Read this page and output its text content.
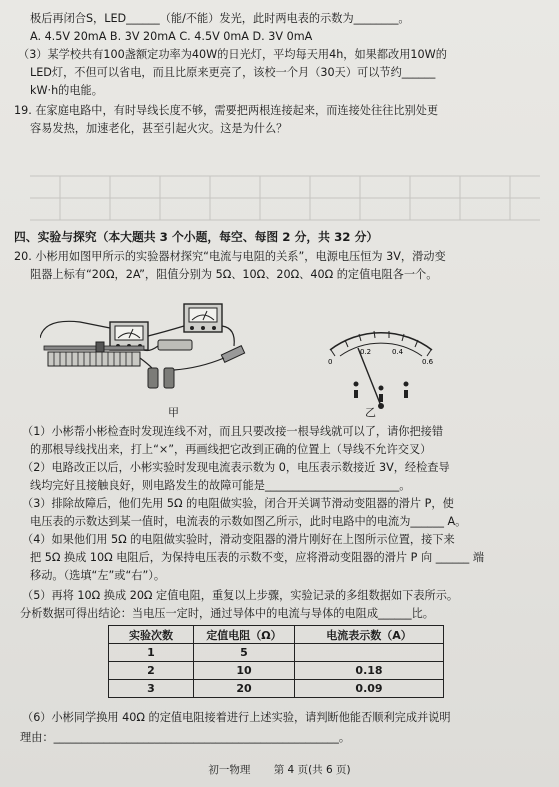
极后再闭合S，LED______（能/不能）发光，此时两电表的示数为________。
A. 4.5V 20mA B. 3V 20mA C. 4.5V 0mA D. 3V 0mA
（3）某学校共有100盏额定功率为40W的日光灯，平均每天用4h，如果都改用10W的
LED灯，不但可以省电，而且比原来更亮了，该校一个月（30天）可以节约______
kW·h的电能。
19. 在家庭电路中，有时导线长度不够，需要把两根连接起来，而连接处往往比别处更
容易发热，加速老化，甚至引起火灾。这是为什么？
四、实验与探究（本大题共 3 个小题，每空、每图 2 分，共 32 分）
20. 小彬用如图甲所示的实验器材探究“电流与电阻的关系”，电源电压恒为 3V，滑动变
阻器上标有“20Ω，2A”，阻值分别为 5Ω、10Ω、20Ω、40Ω 的定值电阻各一个。
甲
0
0.2	0.4
0.6
乙
（1）小彬帮小彬检查时发现连线不对，而且只要改接一根导线就可以了，请你把接错
的那根导线找出来，打上“×”，再画线把它改到正确的位置上（导线不允许交叉）
（2）电路改正以后，小彬实验时发现电流表示数为 0，电压表示数接近 3V，经检查导
线均完好且接触良好，则电路发生的故障可能是________________________。
（3）排除故障后，他们先用 5Ω 的电阻做实验，闭合开关调节滑动变阻器的滑片 P，使
电压表的示数达到某一值时，电流表的示数如图乙所示，此时电路中的电流为______ A。
（4）如果他们用 5Ω 的电阻做实验时，滑动变阻器的滑片刚好在上图所示位置，接下来
把 5Ω 换成 10Ω 电阻后，为保持电压表的示数不变，应将滑动变阻器的滑片 P 向 ______ 端
移动。（选填“左”或“右”）。
（5）再将 10Ω 换成 20Ω 定值电阻，重复以上步骤，实验记录的多组数据如下表所示。
分析数据可得出结论：当电压一定时，通过导体中的电流与导体的电阻成______比。
实验次数	定值电阻（Ω）	电流表示数（A）
1	5	
2	10	0.18
3	20	0.09
（6）小彬同学换用 40Ω 的定值电阻接着进行上述实验，请判断他能否顺利完成并说明
理由：___________________________________________________。
初一物理 第 4 页(共 6 页)
